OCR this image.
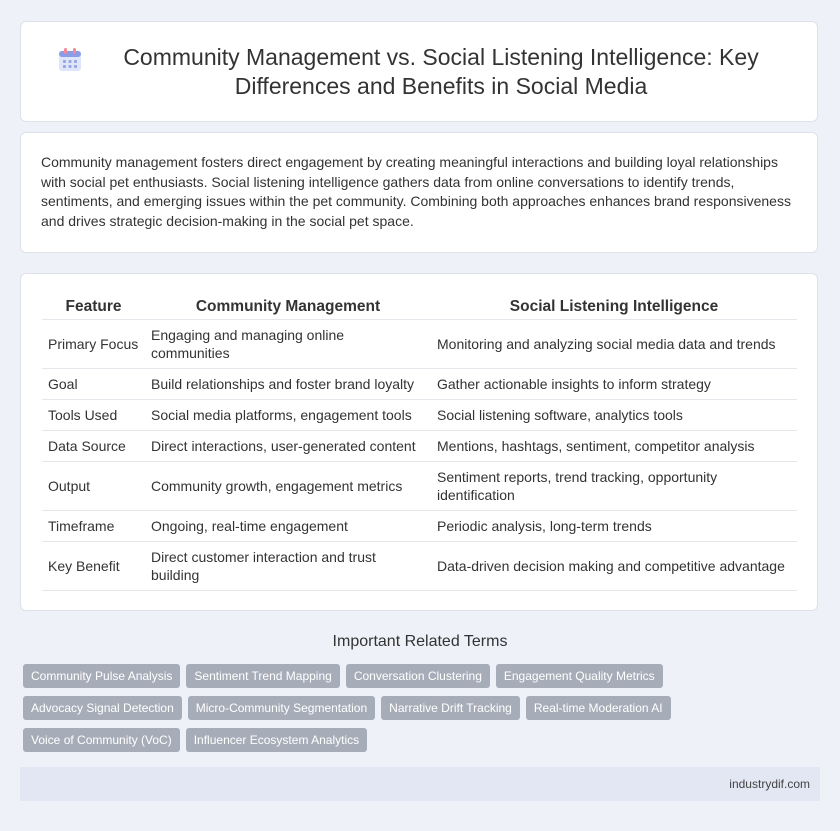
Community Management vs. Social Listening Intelligence: Key Differences and Benefits in Social Media

Community management fosters direct engagement by creating meaningful interactions and building loyal relationships with social pet enthusiasts. Social listening intelligence gathers data from online conversations to identify trends, sentiments, and emerging issues within the pet community. Combining both approaches enhances brand responsiveness and drives strategic decision-making in the social pet space.

Feature	Community Management	Social Listening Intelligence
Primary Focus	Engaging and managing online communities	Monitoring and analyzing social media data and trends
Goal	Build relationships and foster brand loyalty	Gather actionable insights to inform strategy
Tools Used	Social media platforms, engagement tools	Social listening software, analytics tools
Data Source	Direct interactions, user-generated content	Mentions, hashtags, sentiment, competitor analysis
Output	Community growth, engagement metrics	Sentiment reports, trend tracking, opportunity identification
Timeframe	Ongoing, real-time engagement	Periodic analysis, long-term trends
Key Benefit	Direct customer interaction and trust building	Data-driven decision making and competitive advantage
Important Related Terms
Community Pulse Analysis	Sentiment Trend Mapping	Conversation Clustering	Engagement Quality Metrics
Advocacy Signal Detection	Micro-Community Segmentation	Narrative Drift Tracking	Real-time Moderation AI
Voice of Community (VoC)	Influencer Ecosystem Analytics
industrydif.com
